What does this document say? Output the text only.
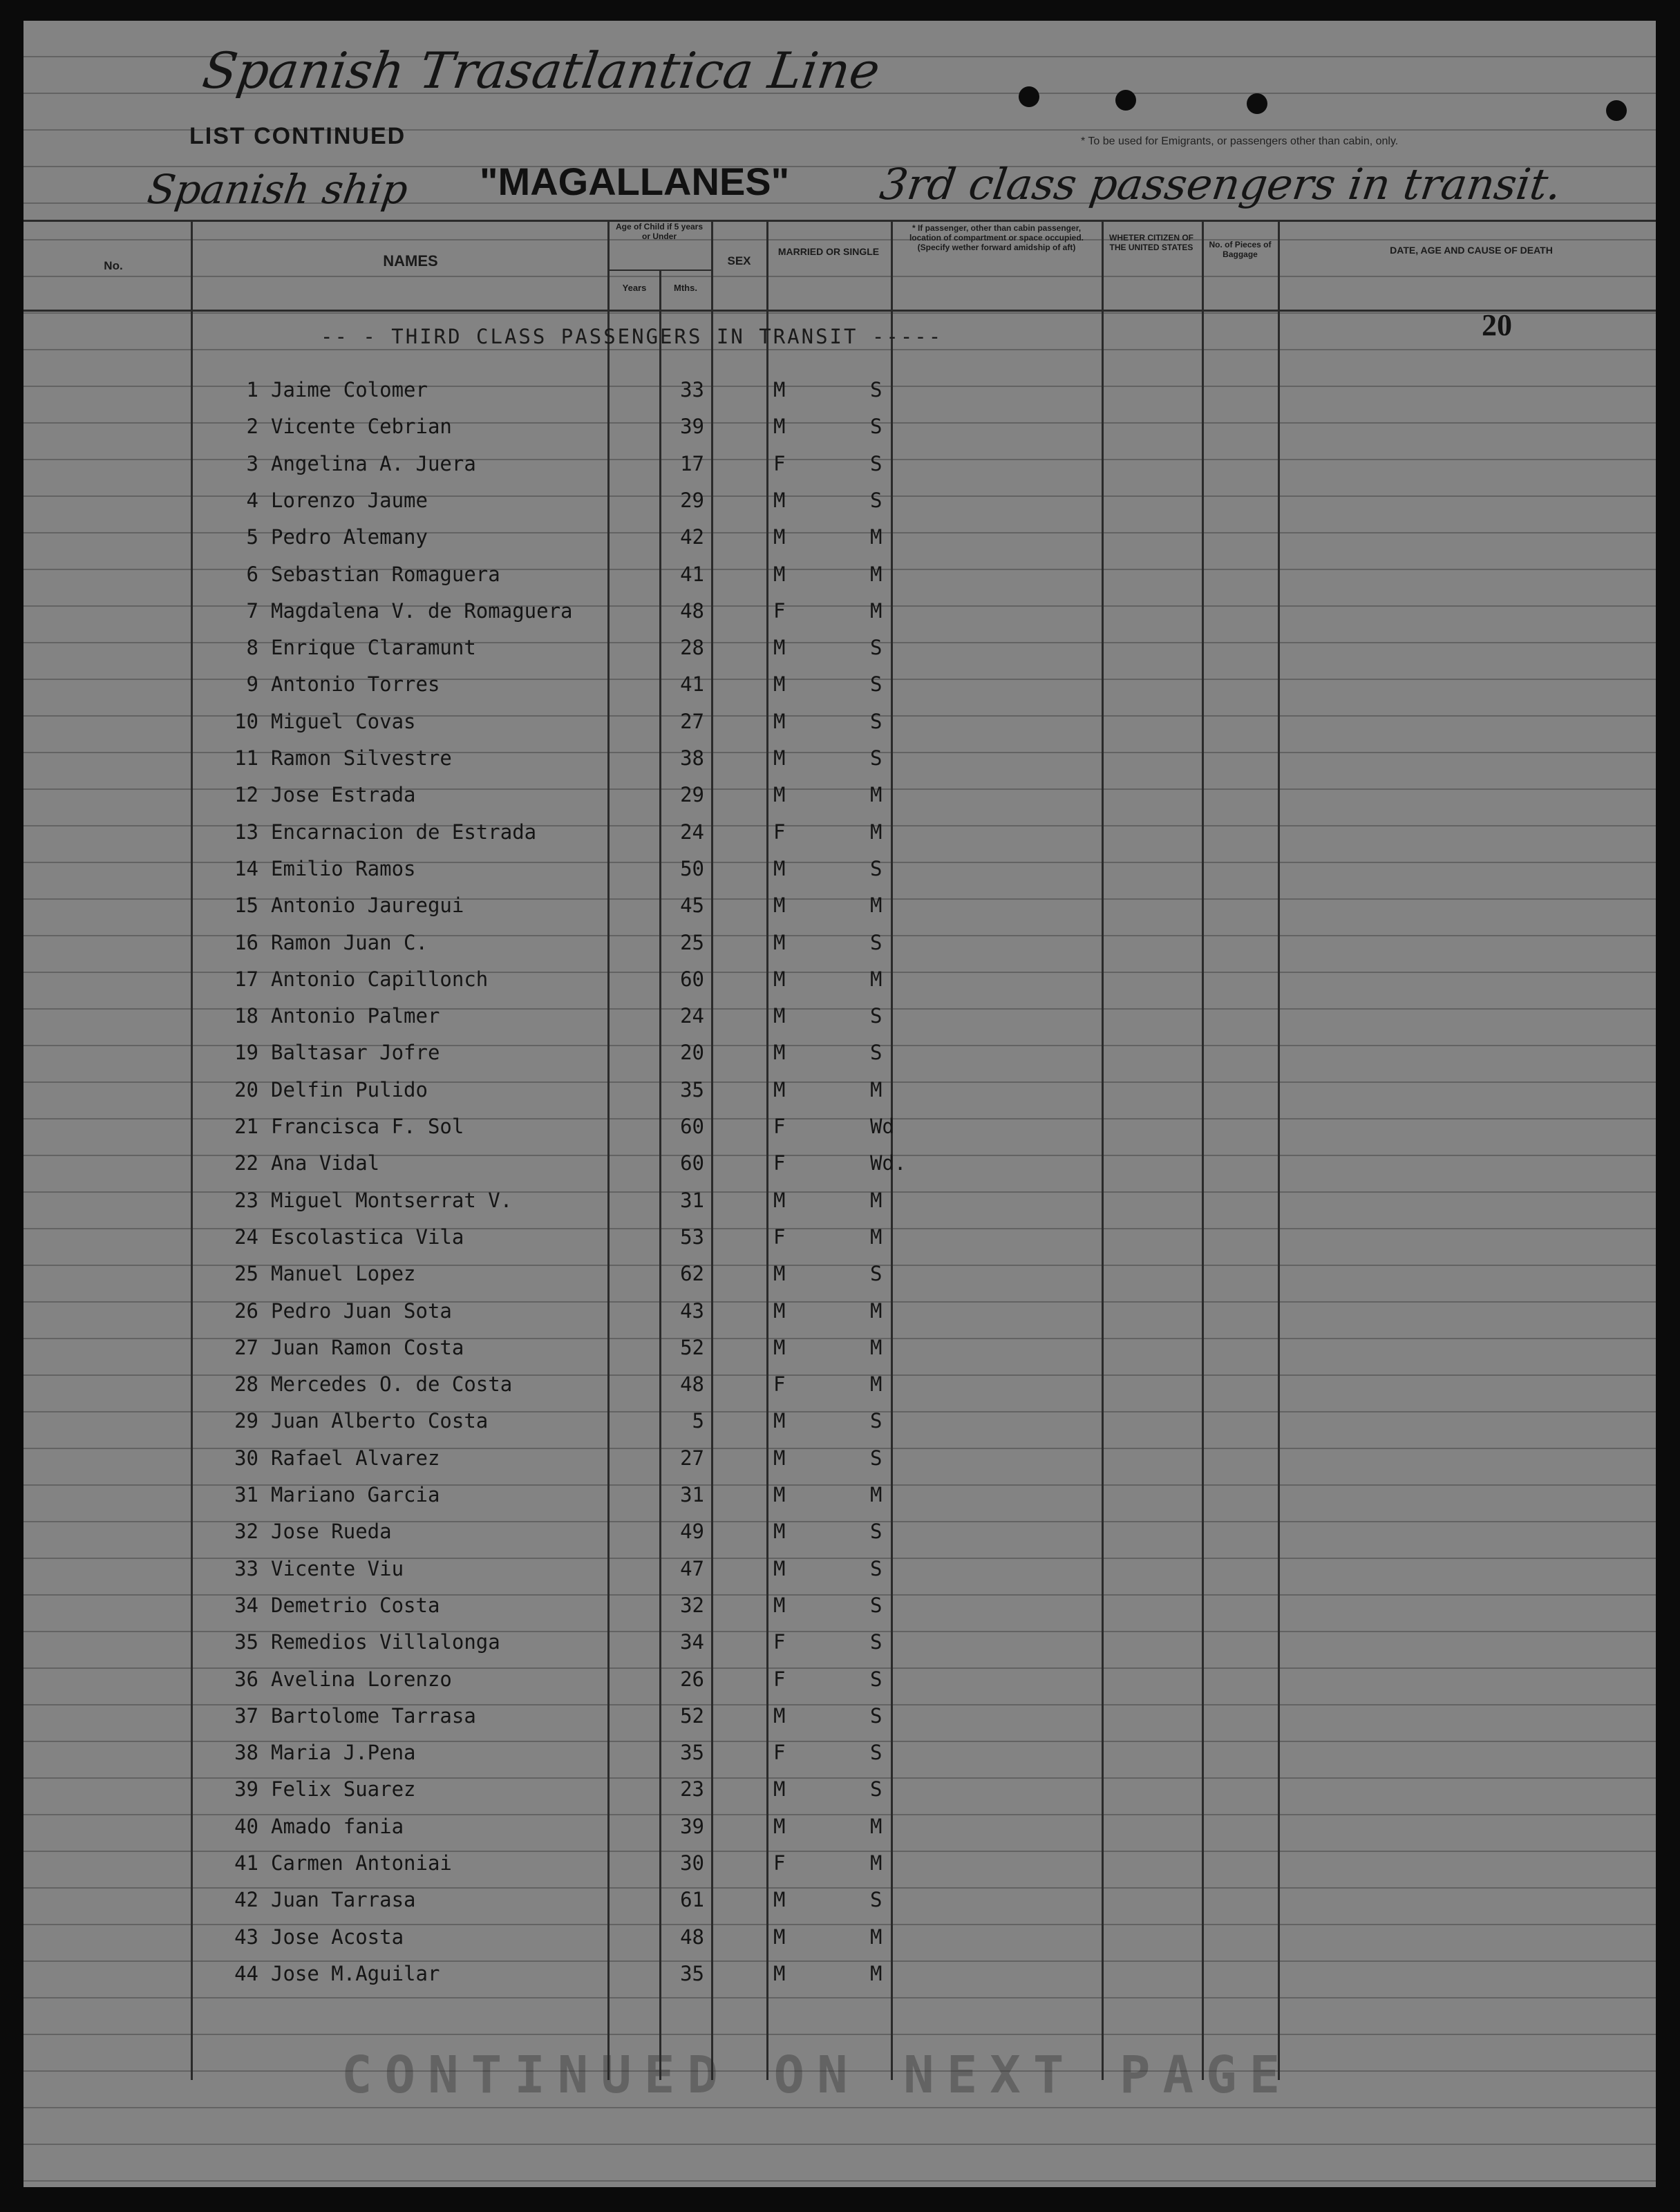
Spanish Trasatlantica Line
* To be used for Emigrants, or passengers other than cabin, only.
LIST CONTINUED
Spanish ship "MAGALLANES" 3rd class passengers in transit.
No.	NAMES
Age of Child if 5 years or Under
Years	Mths.
SEX
MARRIED OR SINGLE
* If passenger, other than cabin passenger, location of compartment or space occupied. (Specify wether forward amidship of aft)
WHETER CITIZEN OF THE UNITED STATES	No. of Pieces of Baggage	DATE, AGE AND CAUSE OF DEATH
20
-- - THIRD CLASS PASSENGERS IN TRANSIT -----
1 Jaime Colomer	33	M	S
2 Vicente Cebrian	39	M	S
3 Angelina A. Juera	17	F	S
4 Lorenzo Jaume	29	M	S
5 Pedro Alemany	42	M	M
6 Sebastian Romaguera	41	M	M
7 Magdalena V. de Romaguera	48	F	M
8 Enrique Claramunt	28	M	S
9 Antonio Torres	41	M	S
10 Miguel Covas	27	M	S
11 Ramon Silvestre	38	M	S
12 Jose Estrada	29	M	M
13 Encarnacion de Estrada	24	F	M
14 Emilio Ramos	50	M	S
15 Antonio Jauregui	45	M	M
16 Ramon Juan C.	25	M	S
17 Antonio Capillonch	60	M	M
18 Antonio Palmer	24	M	S
19 Baltasar Jofre	20	M	S
20 Delfin Pulido	35	M	M
21 Francisca F. Sol	60	F	Wd
22 Ana Vidal	60	F	Wd.
23 Miguel Montserrat V.	31	M	M
24 Escolastica Vila	53	F	M
25 Manuel Lopez	62	M	S
26 Pedro Juan Sota	43	M	M
27 Juan Ramon Costa	52	M	M
28 Mercedes O. de Costa	48	F	M
29 Juan Alberto Costa	5	M	S
30 Rafael Alvarez	27	M	S
31 Mariano Garcia	31	M	M
32 Jose Rueda	49	M	S
33 Vicente Viu	47	M	S
34 Demetrio Costa	32	M	S
35 Remedios Villalonga	34	F	S
36 Avelina Lorenzo	26	F	S
37 Bartolome Tarrasa	52	M	S
38 Maria J.Pena	35	F	S
39 Felix Suarez	23	M	S
40 Amado fania	39	M	M
41 Carmen Antoniai	30	F	M
42 Juan Tarrasa	61	M	S
43 Jose Acosta	48	M	M
44 Jose M.Aguilar	35	M	M
CONTINUED ON NEXT PAGE
